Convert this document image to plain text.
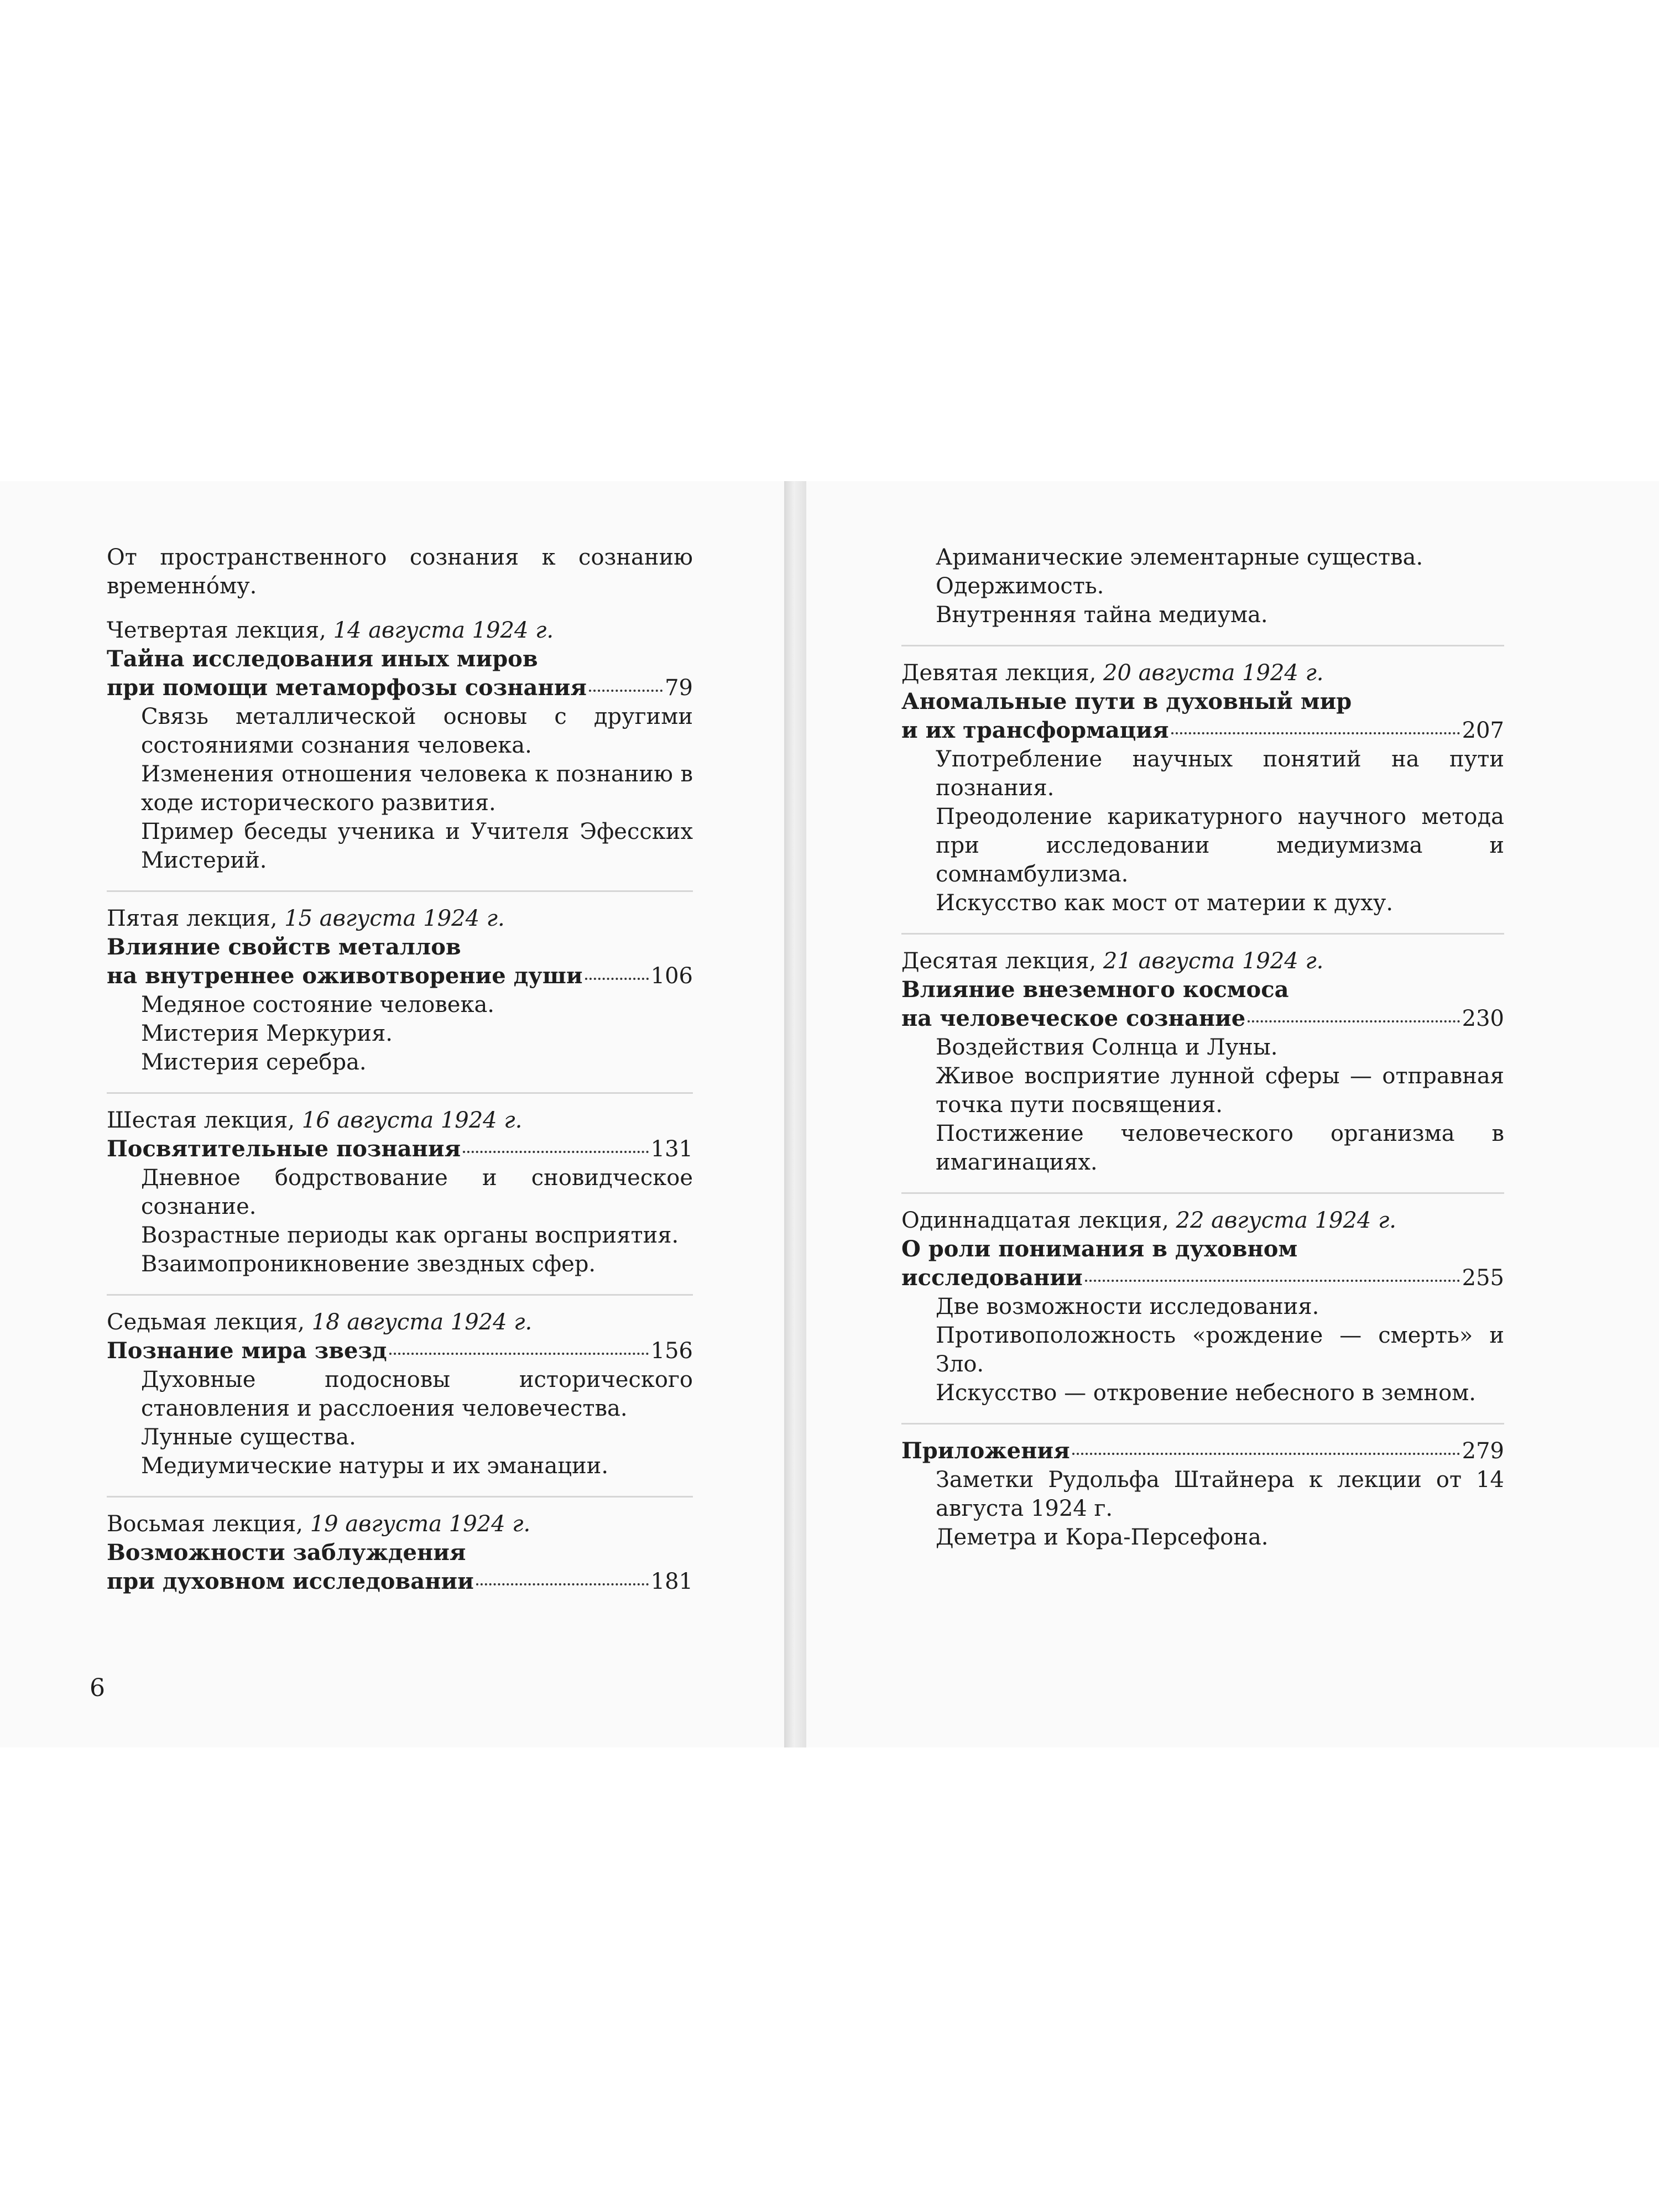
От пространственного сознания к сознанию временно́му.
Четвертая лекция, 14 августа 1924 г.
Тайна исследования иных миров
при помощи метаморфозы сознания	79
Связь металлической основы с другими состояниями сознания человека.
Изменения отношения человека к познанию в ходе исторического развития.
Пример беседы ученика и Учителя Эфесских Мистерий.
Пятая лекция, 15 августа 1924 г.
Влияние свойств металлов
на внутреннее оживотворение души	106
Медяное состояние человека.
Мистерия Меркурия.
Мистерия серебра.
Шестая лекция, 16 августа 1924 г.
Посвятительные познания	131
Дневное бодрствование и сновидческое сознание.
Возрастные периоды как органы восприятия.
Взаимопроникновение звездных сфер.
Седьмая лекция, 18 августа 1924 г.
Познание мира звезд	156
Духовные подосновы исторического становления и расслоения человечества.
Лунные существа.
Медиумические натуры и их эманации.
Восьмая лекция, 19 августа 1924 г.
Возможности заблуждения
при духовном исследовании	181
6
Ариманические элементарные существа.
Одержимость.
Внутренняя тайна медиума.
Девятая лекция, 20 августа 1924 г.
Аномальные пути в духовный мир
и их трансформация	207
Употребление научных понятий на пути познания.
Преодоление карикатурного научного метода при исследовании медиумизма и сомнамбулизма.
Искусство как мост от материи к духу.
Десятая лекция, 21 августа 1924 г.
Влияние внеземного космоса
на человеческое сознание	230
Воздействия Солнца и Луны.
Живое восприятие лунной сферы — отправная точка пути посвящения.
Постижение человеческого организма в имагинациях.
Одиннадцатая лекция, 22 августа 1924 г.
О роли понимания в духовном
исследовании	255
Две возможности исследования.
Противоположность «рождение — смерть» и Зло.
Искусство — откровение небесного в земном.
Приложения	279
Заметки Рудольфа Штайнера к лекции от 14 августа 1924 г.
Деметра и Кора-Персефона.
